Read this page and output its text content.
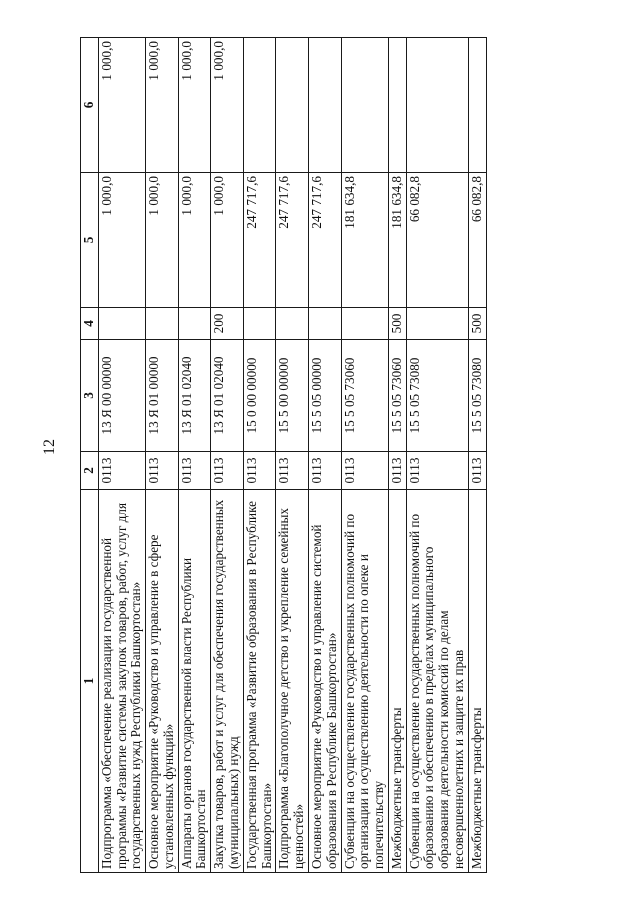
12
1	2	3	4	5	6
Подпрограмма «Обеспечение реализации государственной программы «Развитие системы закупок товаров, работ, услуг для государственных нужд Республики Башкортостан»	0113	13 Я 00 00000		1 000,0	1 000,0
Основное мероприятие «Руководство и управление в сфере установленных функций»	0113	13 Я 01 00000		1 000,0	1 000,0
Аппараты органов государственной власти Республики Башкортостан	0113	13 Я 01 02040		1 000,0	1 000,0
Закупка товаров, работ и услуг для обеспечения государственных (муниципальных) нужд	0113	13 Я 01 02040	200	1 000,0	1 000,0
Государственная программа «Развитие образования в Республике Башкортостан»	0113	15 0 00 00000		247 717,6	
Подпрограмма «Благополучное детство и укрепление семейных ценностей»	0113	15 5 00 00000		247 717,6	
Основное мероприятие «Руководство и управление системой образования в Республике Башкортостан»	0113	15 5 05 00000		247 717,6	
Субвенции на осуществление государственных полномочий по организации и осуществлению деятельности по опеке и попечительству	0113	15 5 05 73060		181 634,8	
Межбюджетные трансферты	0113	15 5 05 73060	500	181 634,8	
Субвенции на осуществление государственных полномочий по образованию и обеспечению в пределах муниципального образования деятельности комиссий по делам несовершеннолетних и защите их прав	0113	15 5 05 73080		66 082,8	
Межбюджетные трансферты	0113	15 5 05 73080	500	66 082,8	
